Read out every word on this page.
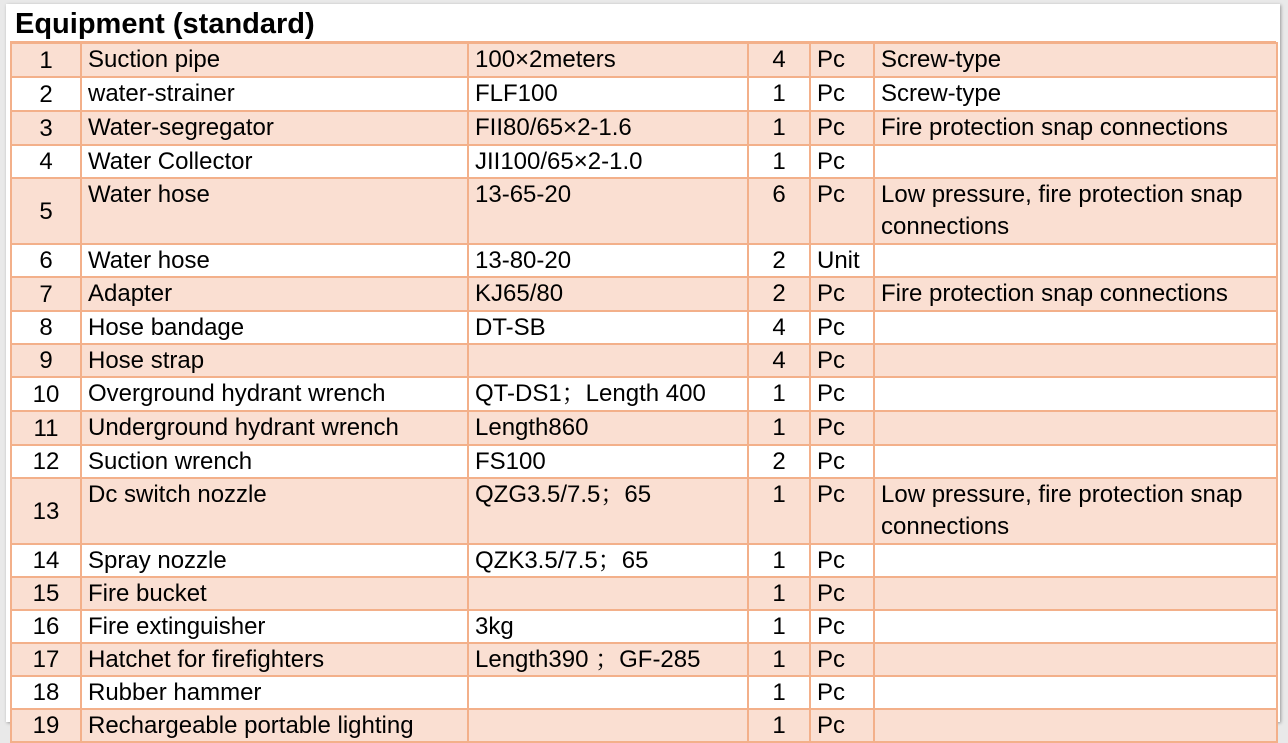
Equipment (standard)
1	Suction pipe	100×2meters	4	Pc	Screw-type
2	water-strainer	FLF100	1	Pc	Screw-type
3	Water-segregator	FII80/65×2-1.6	1	Pc	Fire protection snap connections
4	Water Collector	JII100/65×2-1.0	1	Pc	
5	Water hose	13-65-20	6	Pc	Low pressure, fire protection snap connections
6	Water hose	13-80-20	2	Unit	
7	Adapter	KJ65/80	2	Pc	Fire protection snap connections
8	Hose bandage	DT-SB	4	Pc	
9	Hose strap		4	Pc	
10	Overground hydrant wrench	QT-DS1；Length 400	1	Pc	
11	Underground hydrant wrench	Length860	1	Pc	
12	Suction wrench	FS100	2	Pc	
13	Dc switch nozzle	QZG3.5/7.5；65	1	Pc	Low pressure, fire protection snap connections
14	Spray nozzle	QZK3.5/7.5；65	1	Pc	
15	Fire bucket		1	Pc	
16	Fire extinguisher	3kg	1	Pc	
17	Hatchet for firefighters	Length390 ；GF-285	1	Pc	
18	Rubber hammer		1	Pc	
19	Rechargeable portable lighting		1	Pc	
